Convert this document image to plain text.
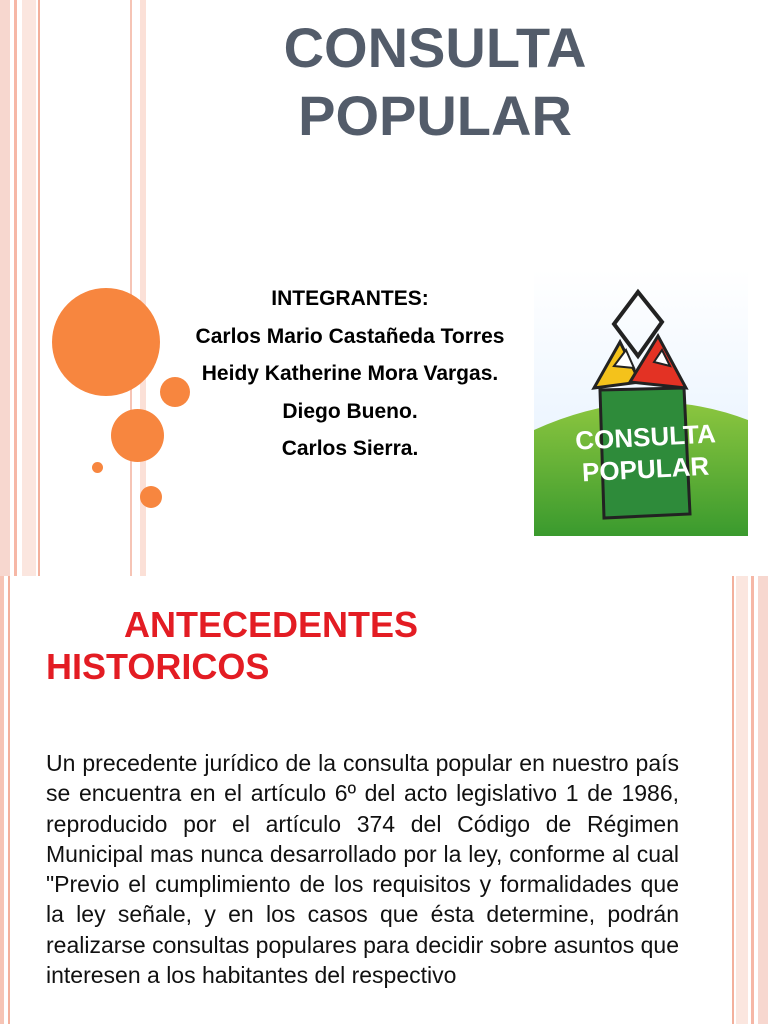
CONSULTA
POPULAR
INTEGRANTES:
Carlos Mario Castañeda Torres
Heidy Katherine Mora Vargas.
Diego Bueno.
Carlos Sierra.	CONSULTA
POPULAR
ANTECEDENTES
HISTORICOS

Un precedente jurídico de la consulta popular en nuestro país se encuentra en el artículo 6º del acto legislativo 1 de 1986, reproducido por el artículo 374 del Código de Régimen Municipal mas nunca desarrollado por la ley, conforme al cual "Previo el cumplimiento de los requisitos y formalidades que la ley señale, y en los casos que ésta determine, podrán realizarse consultas populares para decidir sobre asuntos que interesen a los habitantes del respectivo
